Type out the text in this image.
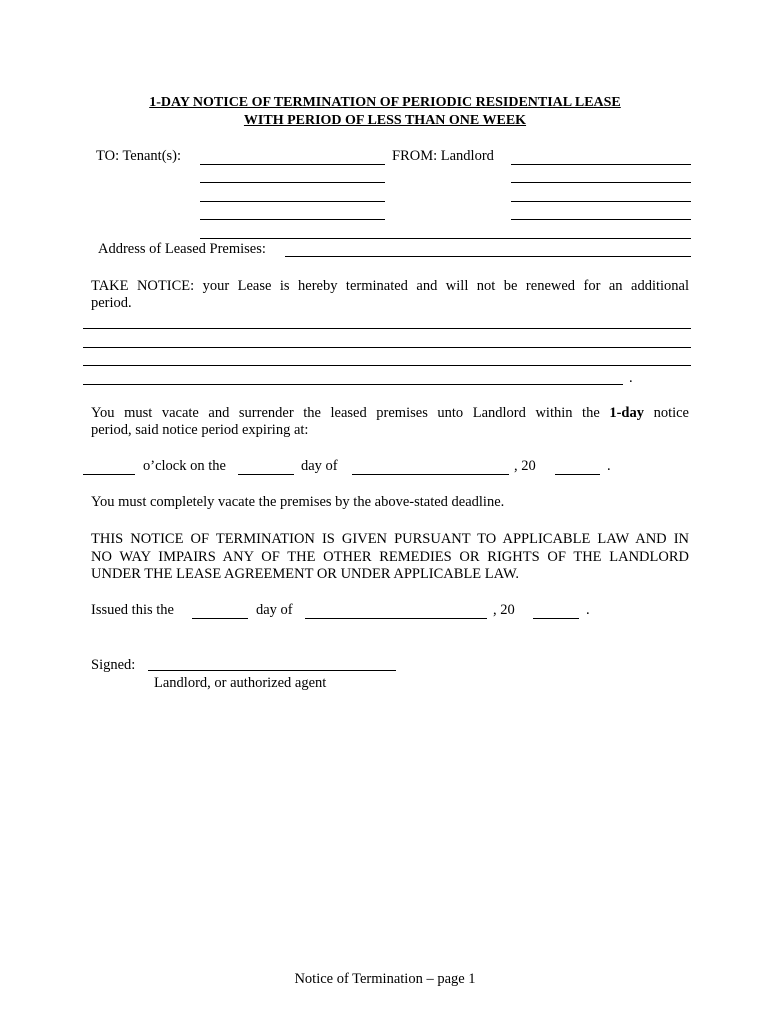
1-DAY NOTICE OF TERMINATION OF PERIODIC RESIDENTIAL LEASE
WITH PERIOD OF LESS THAN ONE WEEK
TO: Tenant(s):	FROM: Landlord
Address of Leased Premises:
TAKE NOTICE: your Lease is hereby terminated and will not be renewed for an additional
period.
.
You must vacate and surrender the leased premises unto Landlord within the 1-day notice
period, said notice period expiring at:
o’clock on the	day of	, 20	.
You must completely vacate the premises by the above-stated deadline.
THIS NOTICE OF TERMINATION IS GIVEN PURSUANT TO APPLICABLE LAW AND IN
NO WAY IMPAIRS ANY OF THE OTHER REMEDIES OR RIGHTS OF THE LANDLORD
UNDER THE LEASE AGREEMENT OR UNDER APPLICABLE LAW.
Issued this the	day of	, 20	.
Signed:
Landlord, or authorized agent
Notice of Termination – page 1
